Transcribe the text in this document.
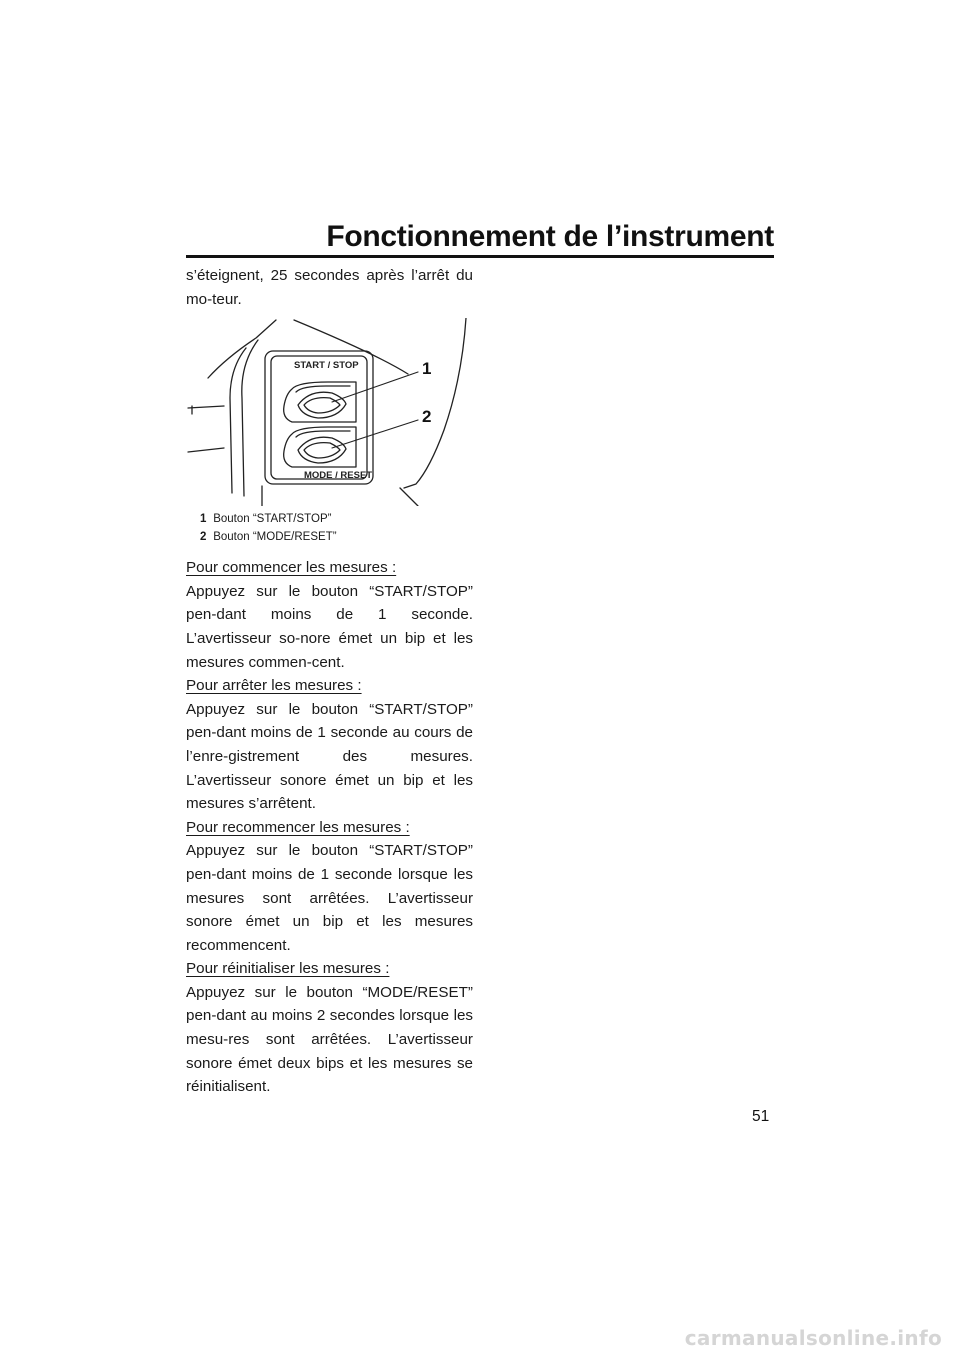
Fonctionnement de l’instrument

s’éteignent, 25 secondes après l’arrêt du mo-teur.

START / STOP
MODE / RESET
1
2
1 Bouton “START/STOP”
2 Bouton “MODE/RESET”

Pour commencer les mesures :

Appuyez sur le bouton “START/STOP” pen-dant moins de 1 seconde. L’avertisseur so-nore émet un bip et les mesures commen-cent.

Pour arrêter les mesures :

Appuyez sur le bouton “START/STOP” pen-dant moins de 1 seconde au cours de l’enre-gistrement des mesures. L’avertisseur sonore émet un bip et les mesures s’arrêtent.

Pour recommencer les mesures :

Appuyez sur le bouton “START/STOP” pen-dant moins de 1 seconde lorsque les mesures sont arrêtées. L’avertisseur sonore émet un bip et les mesures recommencent.

Pour réinitialiser les mesures :

Appuyez sur le bouton “MODE/RESET” pen-dant au moins 2 secondes lorsque les mesu-res sont arrêtées. L’avertisseur sonore émet deux bips et les mesures se réinitialisent.

51
carmanualsonline.info
